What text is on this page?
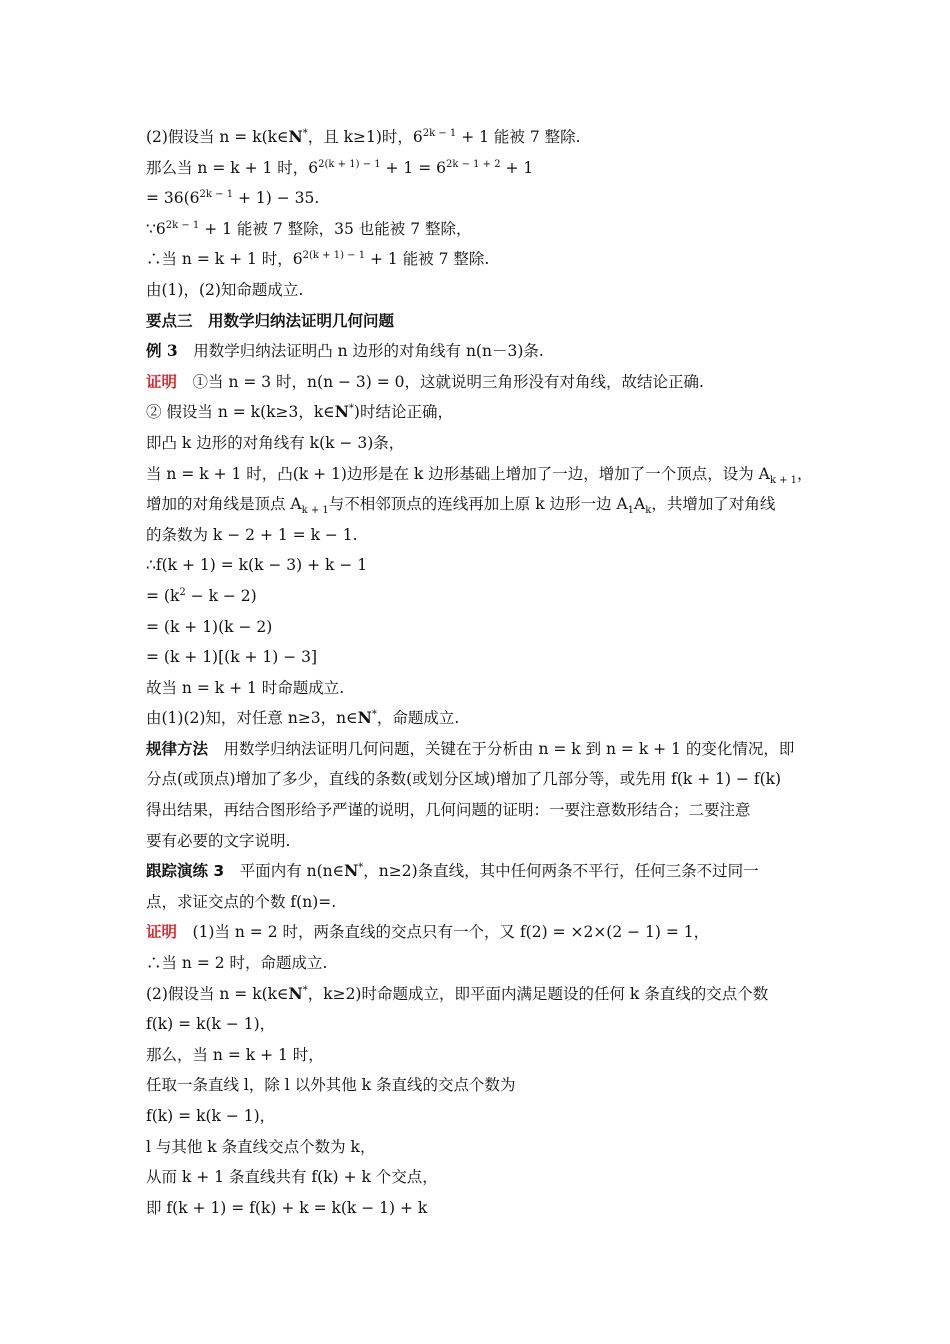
(2)假设当 n = k(k∈N*，且 k≥1)时，$6^{2k - 1} + 1$ 能被 7 整除.
那么当 n = k + 1 时，$6^{2(k + 1) - 1} + 1 = 6^{2k - 1 + 2} + 1$
= $36(6^{2k - 1} + 1) - 35$.
$\because 6^{2k - 1} + 1$ 能被 7 整除，35 也能被 7 整除，
∴当 n = k + 1 时，$6^{2(k + 1) - 1} + 1$ 能被 7 整除.
由(1)，(2)知命题成立.
要点三　用数学归纳法证明几何问题
例 3　用数学归纳法证明凸 n 边形的对角线有 n(n－3)条.
证明　①当 n = 3 时，n(n − 3) = 0，这就说明三角形没有对角线，故结论正确.
② 假设当 n = k(k≥3，k∈N*)时结论正确，
即凸 k 边形的对角线有 k(k − 3)条，
当 n = k + 1 时，凸(k + 1)边形是在 k 边形基础上增加了一边，增加了一个顶点，设为 $A_{k + 1}$，
增加的对角线是顶点 $A_{k + 1}$与不相邻顶点的连线再加上原 k 边形一边 $A_1A_k$，共增加了对角线
的条数为 k − 2 + 1 = k − 1.
∴f(k + 1) = k(k − 3) + k − 1
= $(k^2 - k - 2)$
= (k + 1)(k − 2)
= (k + 1)[(k + 1) − 3]
故当 n = k + 1 时命题成立.
由(1)(2)知，对任意 n≥3，n∈N*，命题成立.
规律方法　用数学归纳法证明几何问题，关键在于分析由 n = k 到 n = k + 1 的变化情况，即
分点(或顶点)增加了多少，直线的条数(或划分区域)增加了几部分等，或先用 f(k + 1) − f(k)
得出结果，再结合图形给予严谨的说明，几何问题的证明：一要注意数形结合；二要注意
要有必要的文字说明.
跟踪演练 3　平面内有 n(n∈N*，n≥2)条直线，其中任何两条不平行，任何三条不过同一
点，求证交点的个数 f(n)=.
证明　(1)当 n = 2 时，两条直线的交点只有一个，又 f(2) = ×2×(2 − 1) = 1，
∴当 n = 2 时，命题成立.
(2)假设当 n = k(k∈N*，k≥2)时命题成立，即平面内满足题设的任何 k 条直线的交点个数
f(k) = k(k − 1)，
那么，当 n = k + 1 时，
任取一条直线 l，除 l 以外其他 k 条直线的交点个数为
f(k) = k(k − 1)，
l 与其他 k 条直线交点个数为 k，
从而 k + 1 条直线共有 f(k) + k 个交点，
即 f(k + 1) = f(k) + k = k(k − 1) + k
